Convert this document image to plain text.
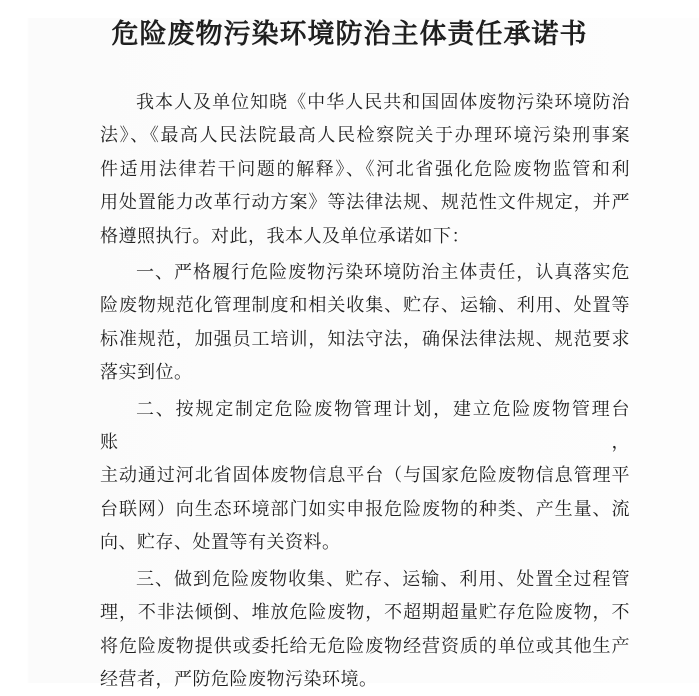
危险废物污染环境防治主体责任承诺书

我本人及单位知晓《中华人民共和国固体废物污染环境防治
法》、《最高人民法院最高人民检察院关于办理环境污染刑事案
件适用法律若干问题的解释》、《河北省强化危险废物监管和利
用处置能力改革行动方案》等法律法规、规范性文件规定，并严
格遵照执行。对此，我本人及单位承诺如下：

一、严格履行危险废物污染环境防治主体责任，认真落实危
险废物规范化管理制度和相关收集、贮存、运输、利用、处置等
标准规范，加强员工培训，知法守法，确保法律法规、规范要求
落实到位。

二、按规定制定危险废物管理计划，建立危险废物管理台账，
主动通过河北省固体废物信息平台（与国家危险废物信息管理平
台联网）向生态环境部门如实申报危险废物的种类、产生量、流
向、贮存、处置等有关资料。

三、做到危险废物收集、贮存、运输、利用、处置全过程管
理，不非法倾倒、堆放危险废物，不超期超量贮存危险废物，不
将危险废物提供或委托给无危险废物经营资质的单位或其他生产
经营者，严防危险废物污染环境。
